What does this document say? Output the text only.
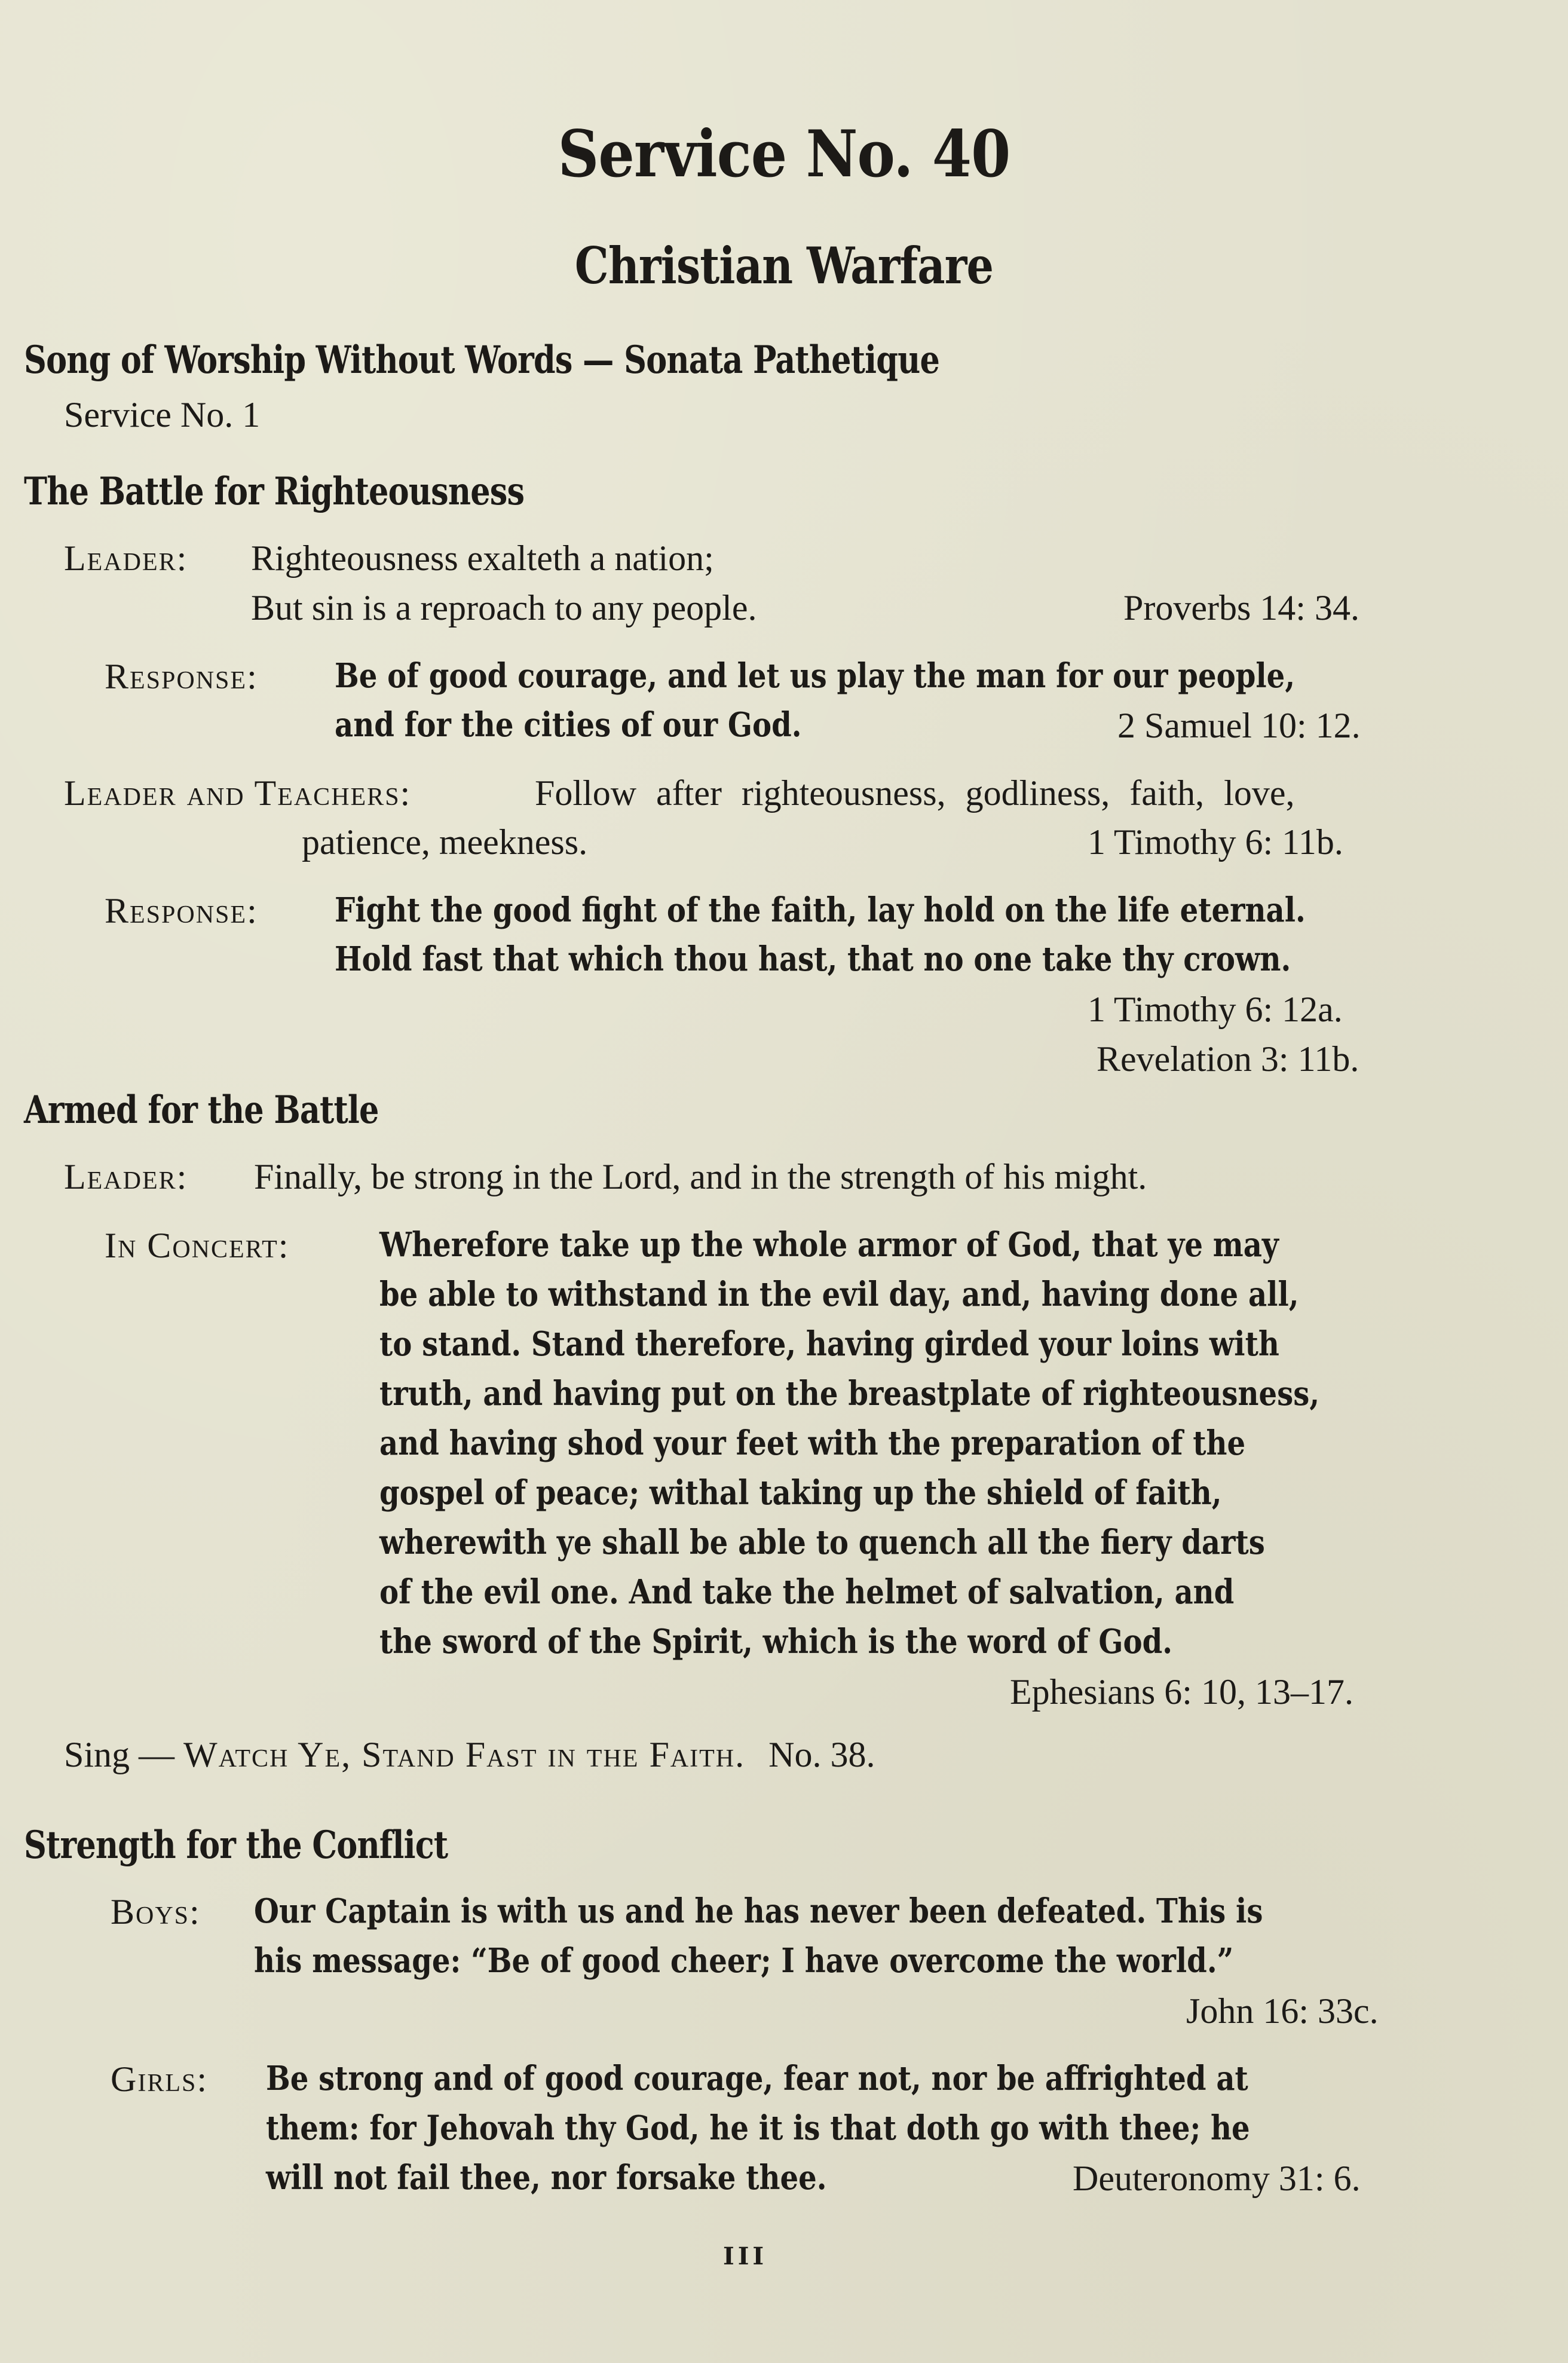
Service No. 40
Christian Warfare
Song of Worship Without Words — Sonata Pathetique
Service No. 1
The Battle for Righteousness
Leader: Righteousness exalteth a nation;
But sin is a reproach to any people.	Proverbs 14: 34.
Response: Be of good courage, and let us play the man for our people,
and for the cities of our God.	2 Samuel 10: 12.
Leader and Teachers:	Follow after righteousness, godliness, faith, love,
patience, meekness.	1 Timothy 6: 11b.
Response: Fight the good fight of the faith, lay hold on the life eternal.
Hold fast that which thou hast, that no one take thy crown.
1 Timothy 6: 12a.
Revelation 3: 11b.
Armed for the Battle
Leader: Finally, be strong in the Lord, and in the strength of his might.
In Concert:	Wherefore take up the whole armor of God, that ye may
be able to withstand in the evil day, and, having done all,
to stand. Stand therefore, having girded your loins with
truth, and having put on the breastplate of righteousness,
and having shod your feet with the preparation of the
gospel of peace; withal taking up the shield of faith,
wherewith ye shall be able to quench all the fiery darts
of the evil one. And take the helmet of salvation, and
the sword of the Spirit, which is the word of God.
Ephesians 6: 10, 13–17.
Sing — Watch Ye, Stand Fast in the Faith. No. 38.
Strength for the Conflict
Boys: Our Captain is with us and he has never been defeated. This is
his message: “Be of good cheer; I have overcome the world.”
John 16: 33c.
Girls: Be strong and of good courage, fear not, nor be affrighted at
them: for Jehovah thy God, he it is that doth go with thee; he
will not fail thee, nor forsake thee.	Deuteronomy 31: 6.
III
